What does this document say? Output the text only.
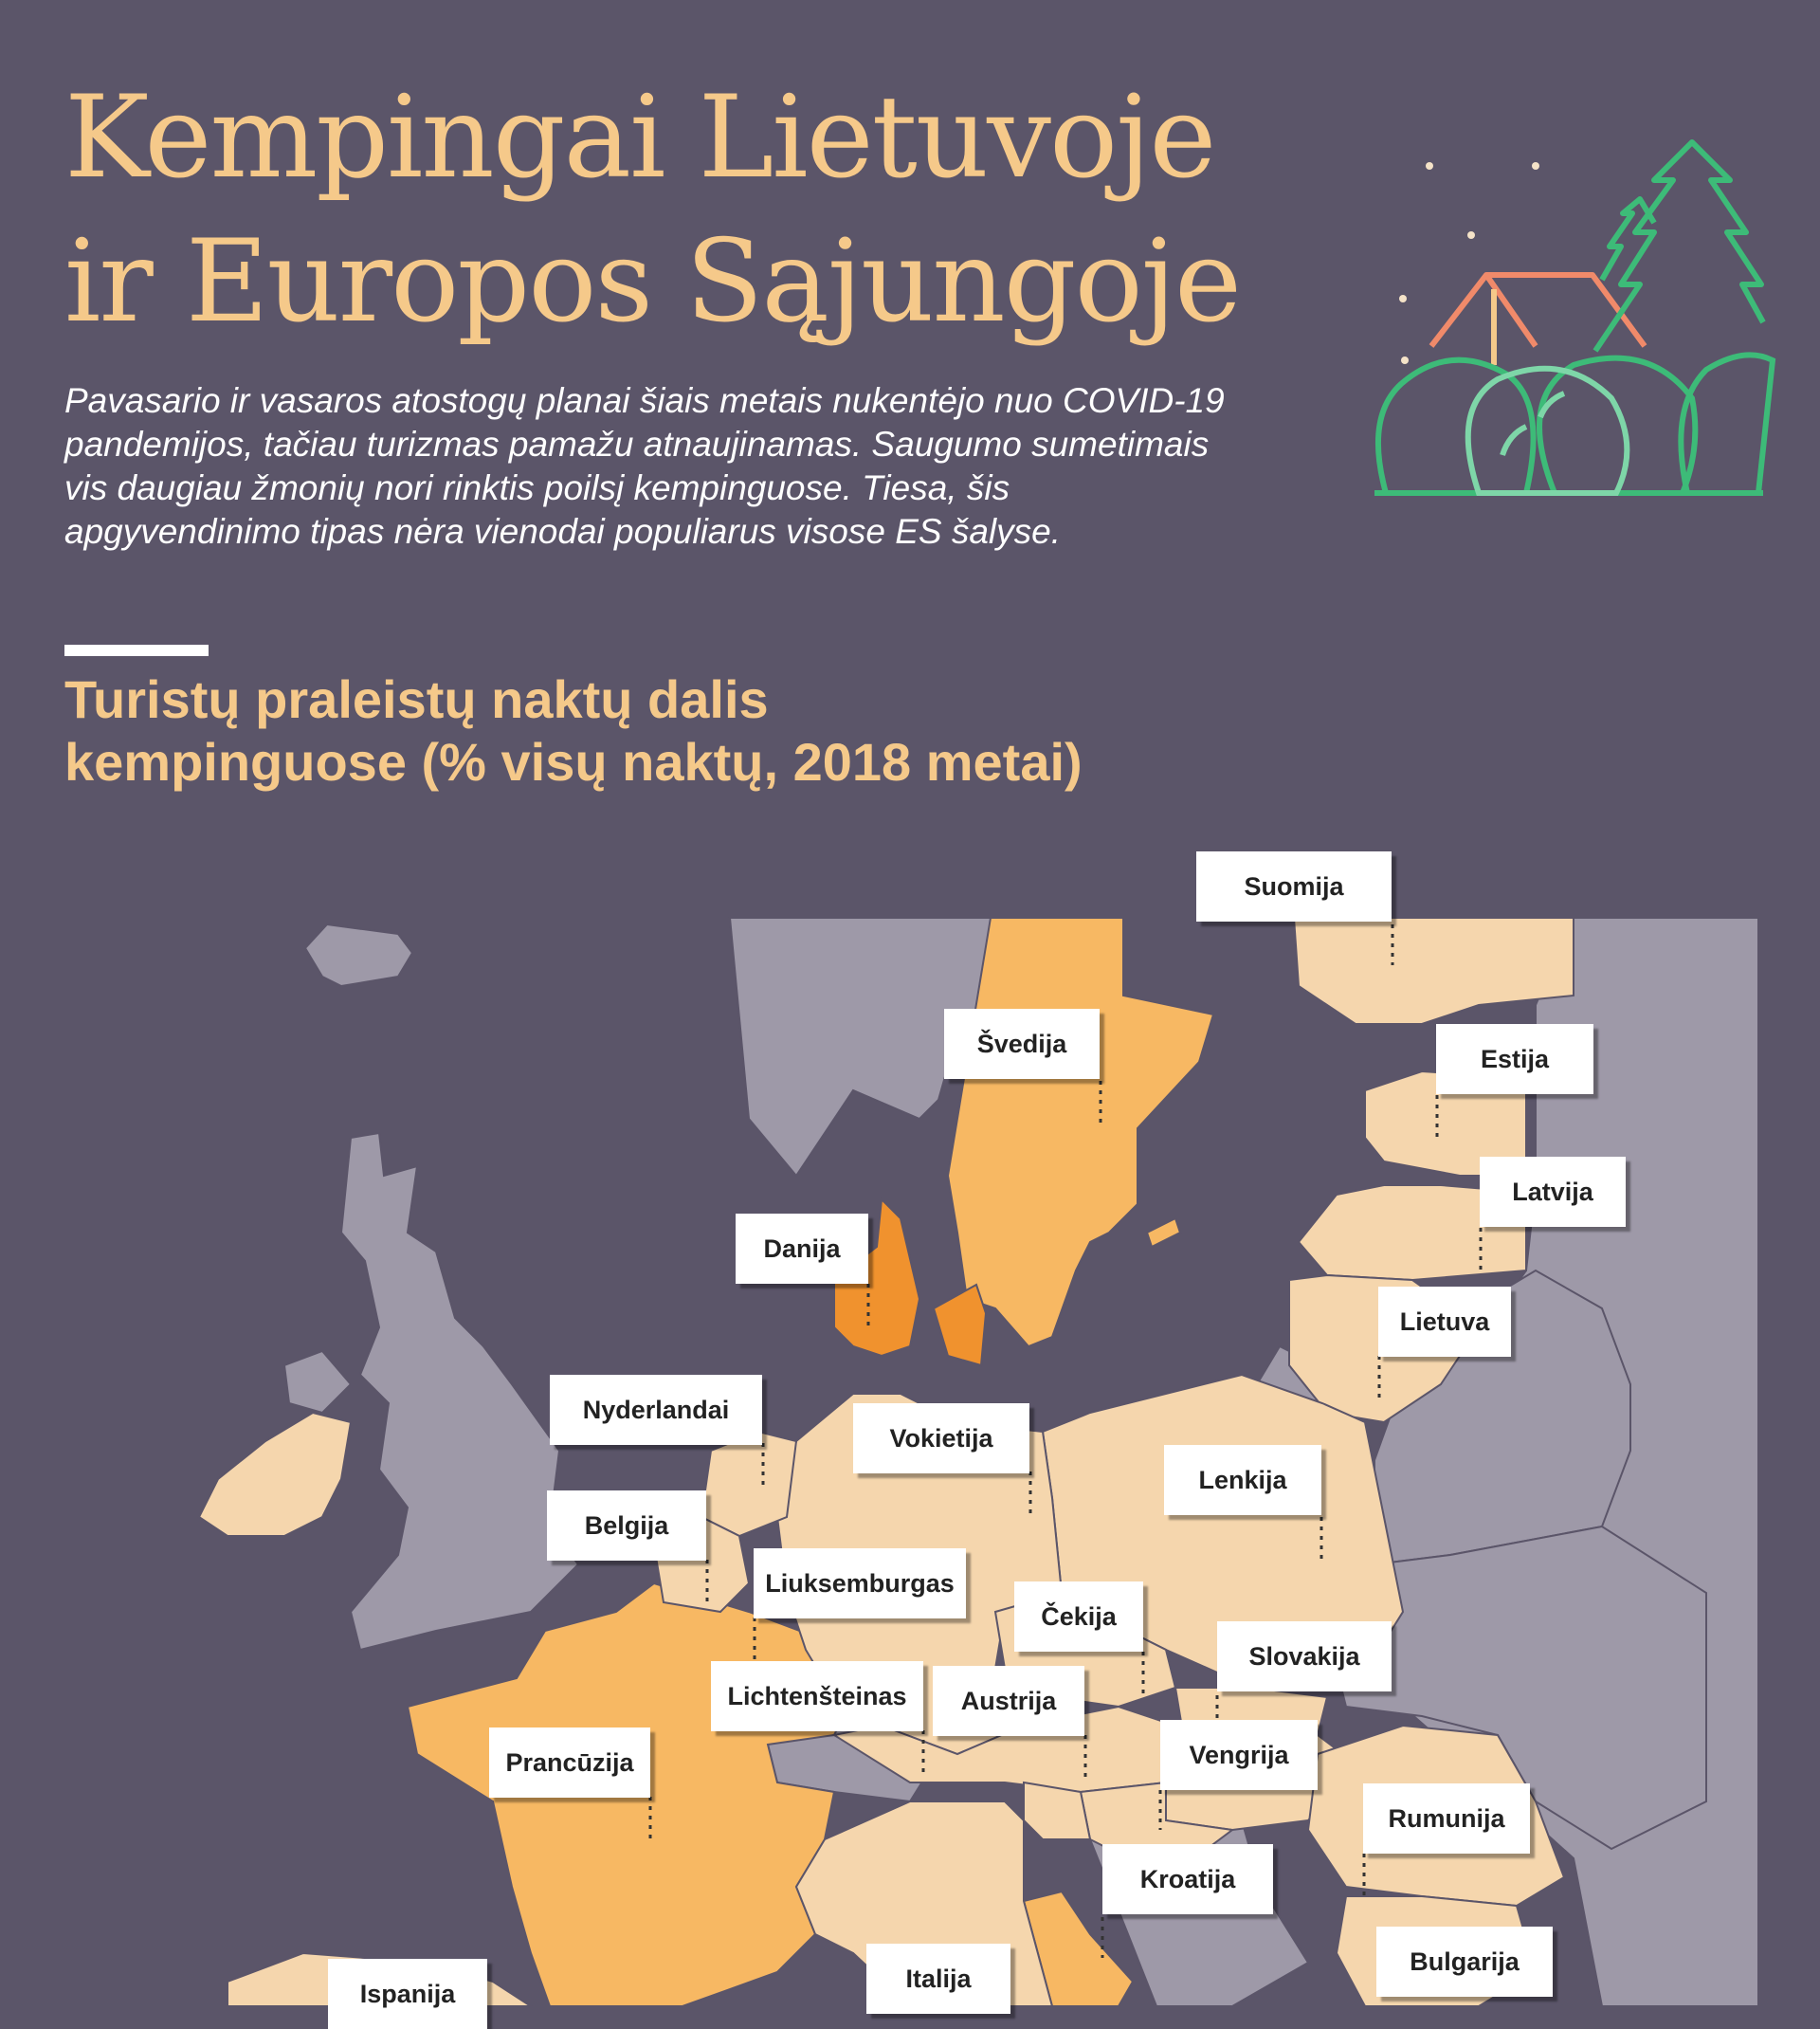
Kempingai Lietuvoje
ir Europos Sąjungoje

Pavasario ir vasaros atostogų planai šiais metais nukentėjo nuo COVID-19 pandemijos, tačiau turizmas pamažu atnaujinamas. Saugumo sumetimais vis daugiau žmonių nori rinktis poilsį kempinguose. Tiesa, šis apgyvendinimo tipas nėra vienodai populiarus visose ES šalyse.

Turistų praleistų naktų dalis
kempinguose (% visų naktų, 2018 metai)
Suomija
Švedija
Estija
Latvija
Danija
Lietuva
Nyderlandai
Vokietija
Lenkija
Belgija
Liuksemburgas
Čekija
Slovakija
Lichtenšteinas	Austrija
Vengrija
Prancūzija
Rumunija
Kroatija
Bulgarija
Italija
Ispanija
